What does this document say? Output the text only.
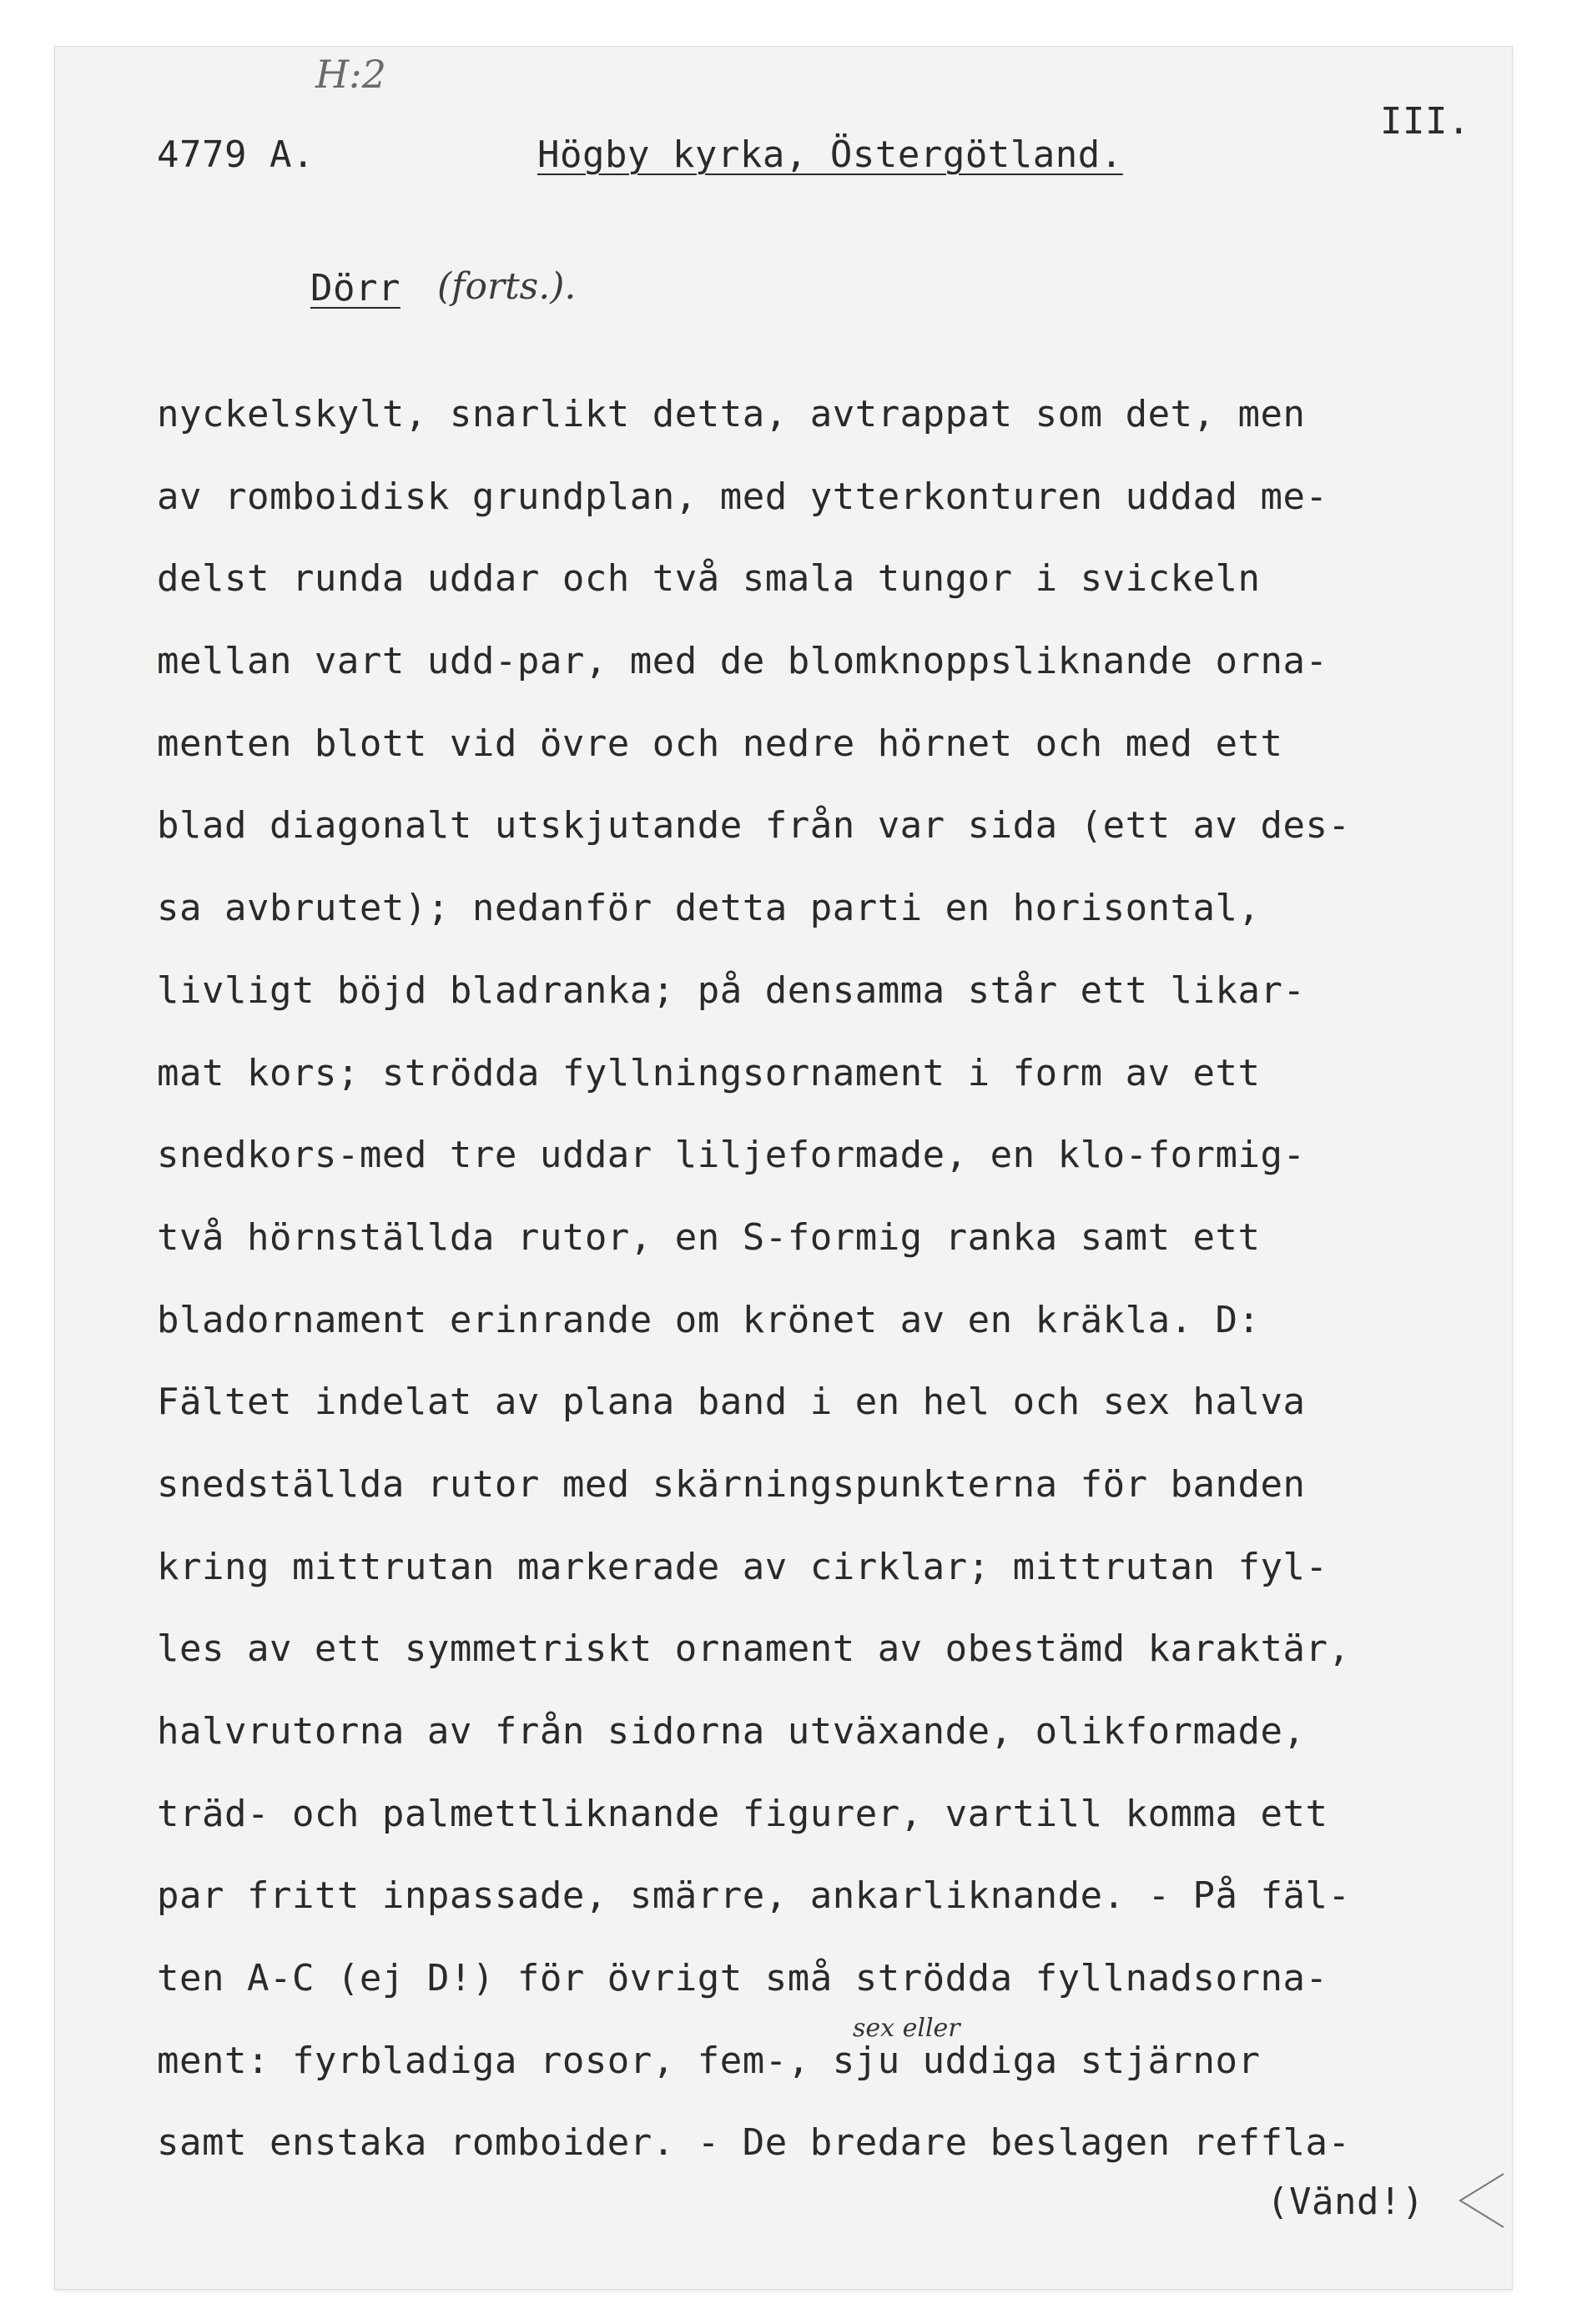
H:2
4779 A.	Högby kyrka, Östergötland.
III.
Dörr (forts.).
sex eller
nyckelskylt, snarlikt detta, avtrappat som det, men
av romboidisk grundplan, med ytterkonturen uddad me-
delst runda uddar och två smala tungor i svickeln
mellan vart udd-par, med de blomknoppsliknande orna-
menten blott vid övre och nedre hörnet och med ett
blad diagonalt utskjutande från var sida (ett av des-
sa avbrutet); nedanför detta parti en horisontal,
livligt böjd bladranka; på densamma står ett likar-
mat kors; strödda fyllningsornament i form av ett
snedkors-med tre uddar liljeformade, en klo-formig-
två hörnställda rutor, en S-formig ranka samt ett
bladornament erinrande om krönet av en kräkla. D:
Fältet indelat av plana band i en hel och sex halva
snedställda rutor med skärningspunkterna för banden
kring mittrutan markerade av cirklar; mittrutan fyl-
les av ett symmetriskt ornament av obestämd karaktär,
halvrutorna av från sidorna utväxande, olikformade,
träd- och palmettliknande figurer, vartill komma ett
par fritt inpassade, smärre, ankarliknande. - På fäl-
ten A-C (ej D!) för övrigt små strödda fyllnadsorna-
ment: fyrbladiga rosor, fem-, sju uddiga stjärnor
samt enstaka romboider. - De bredare beslagen reffla-
(Vänd!)
